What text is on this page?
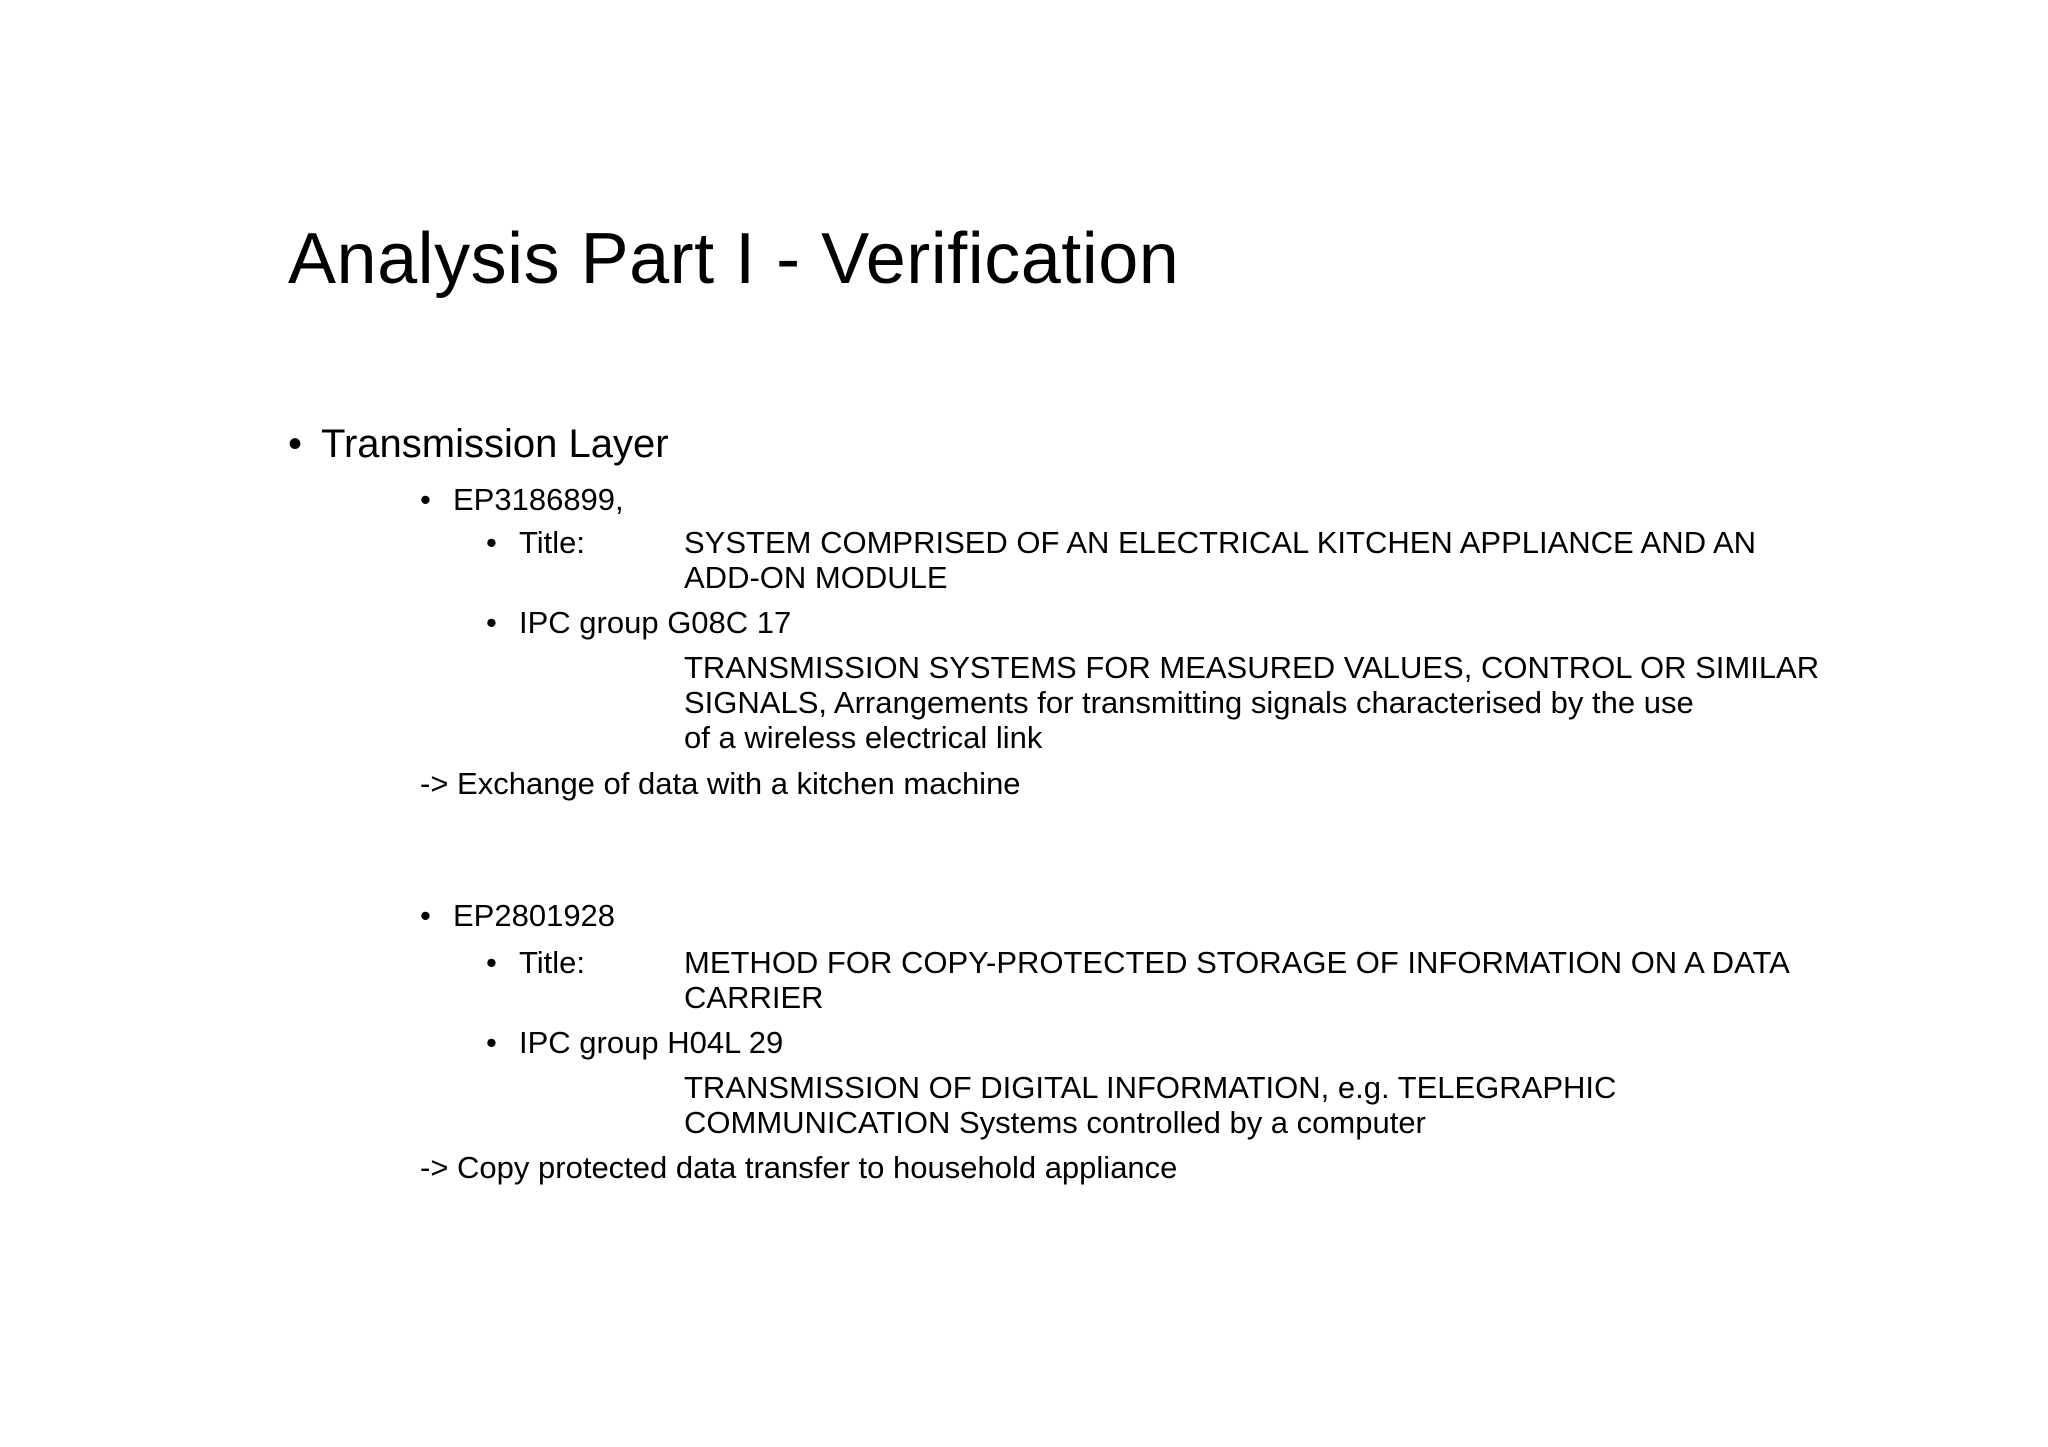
Analysis Part I - Verification
• Transmission Layer
• EP3186899,
• Title:	SYSTEM COMPRISED OF AN ELECTRICAL KITCHEN APPLIANCE AND AN
ADD-ON MODULE
• IPC group G08C 17
TRANSMISSION SYSTEMS FOR MEASURED VALUES, CONTROL OR SIMILAR
SIGNALS, Arrangements for transmitting signals characterised by the use
of a wireless electrical link
-> Exchange of data with a kitchen machine
• EP2801928
• Title:	METHOD FOR COPY-PROTECTED STORAGE OF INFORMATION ON A DATA
CARRIER
• IPC group H04L 29
TRANSMISSION OF DIGITAL INFORMATION, e.g. TELEGRAPHIC
COMMUNICATION Systems controlled by a computer
-> Copy protected data transfer to household appliance
